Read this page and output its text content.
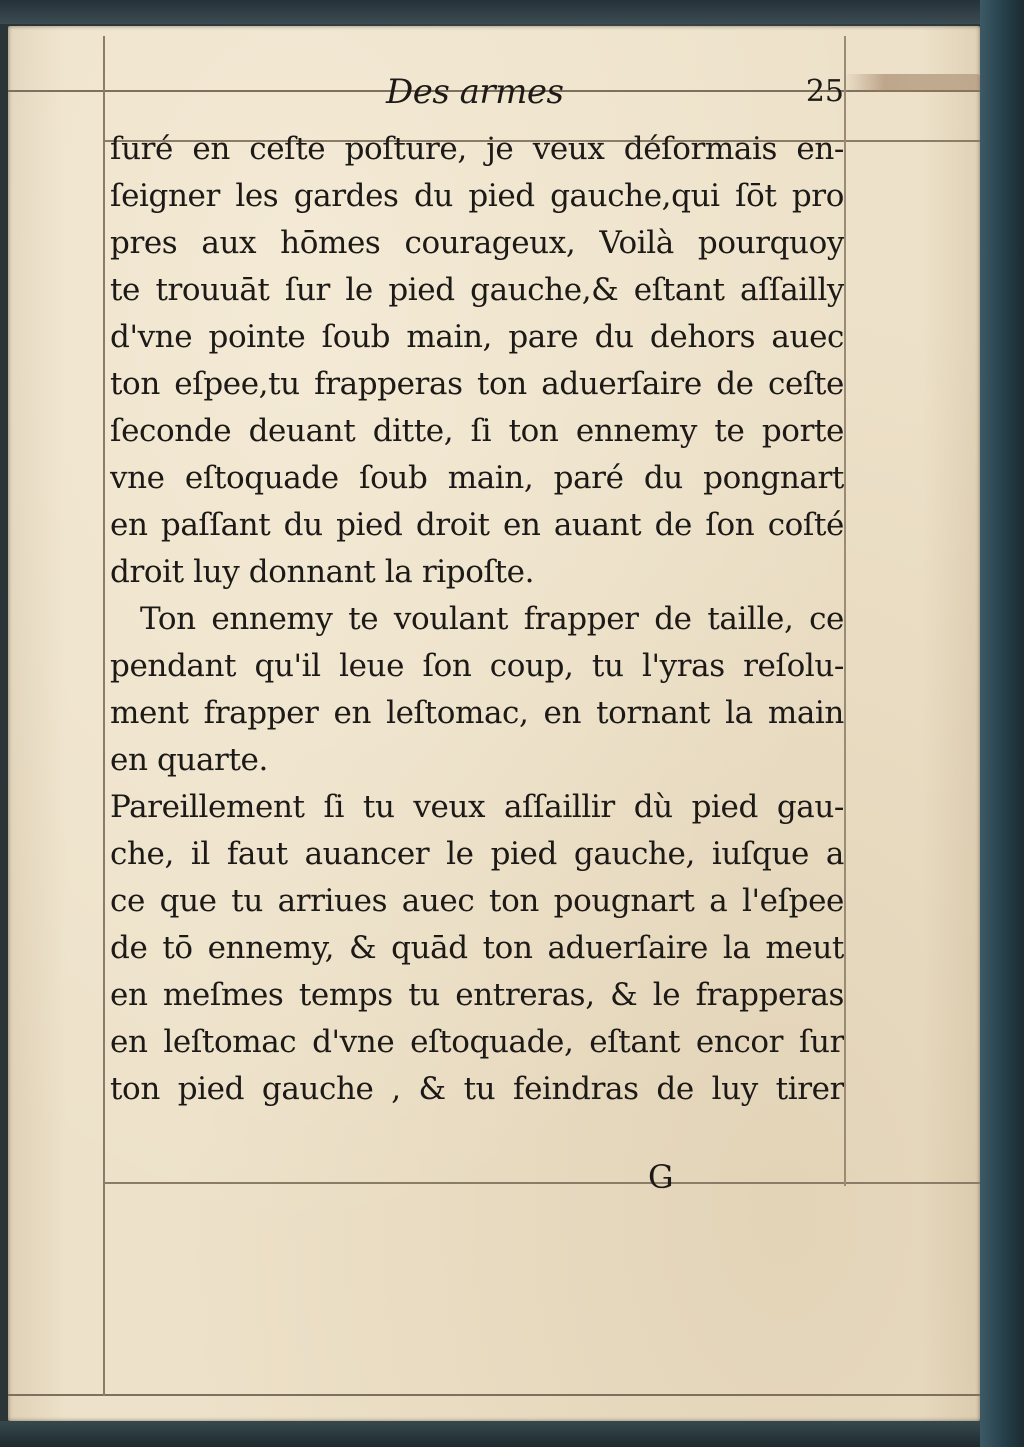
Des armes	25
ſuré en ceſte poſture, je veux déſormais en-
ſeigner les gardes du pied gauche,qui ſōt pro
pres aux hōmes courageux, Voilà pourquoy
te trouuāt ſur le pied gauche,& eſtant aſſailly
d'vne pointe ſoub main, pare du dehors auec
ton eſpee,tu frapperas ton aduerſaire de ceſte
ſeconde deuant ditte, ſi ton ennemy te porte
vne eſtoquade ſoub main, paré du pongnart
en paſſant du pied droit en auant de ſon coſté
droit luy donnant la ripoſte.
Ton ennemy te voulant frapper de taille, ce
pendant qu'il leue ſon coup, tu l'yras reſolu-
ment frapper en leſtomac, en tornant la main
en quarte.
Pareillement ſi tu veux aſſaillir dù pied gau-
che, il faut auancer le pied gauche, iuſque a
ce que tu arriues auec ton pougnart a l'eſpee
de tō ennemy, & quād ton aduerſaire la meut
en meſmes temps tu entreras, & le frapperas
en leſtomac d'vne eſtoquade, eſtant encor ſur
ton pied gauche , & tu feindras de luy tirer
G
